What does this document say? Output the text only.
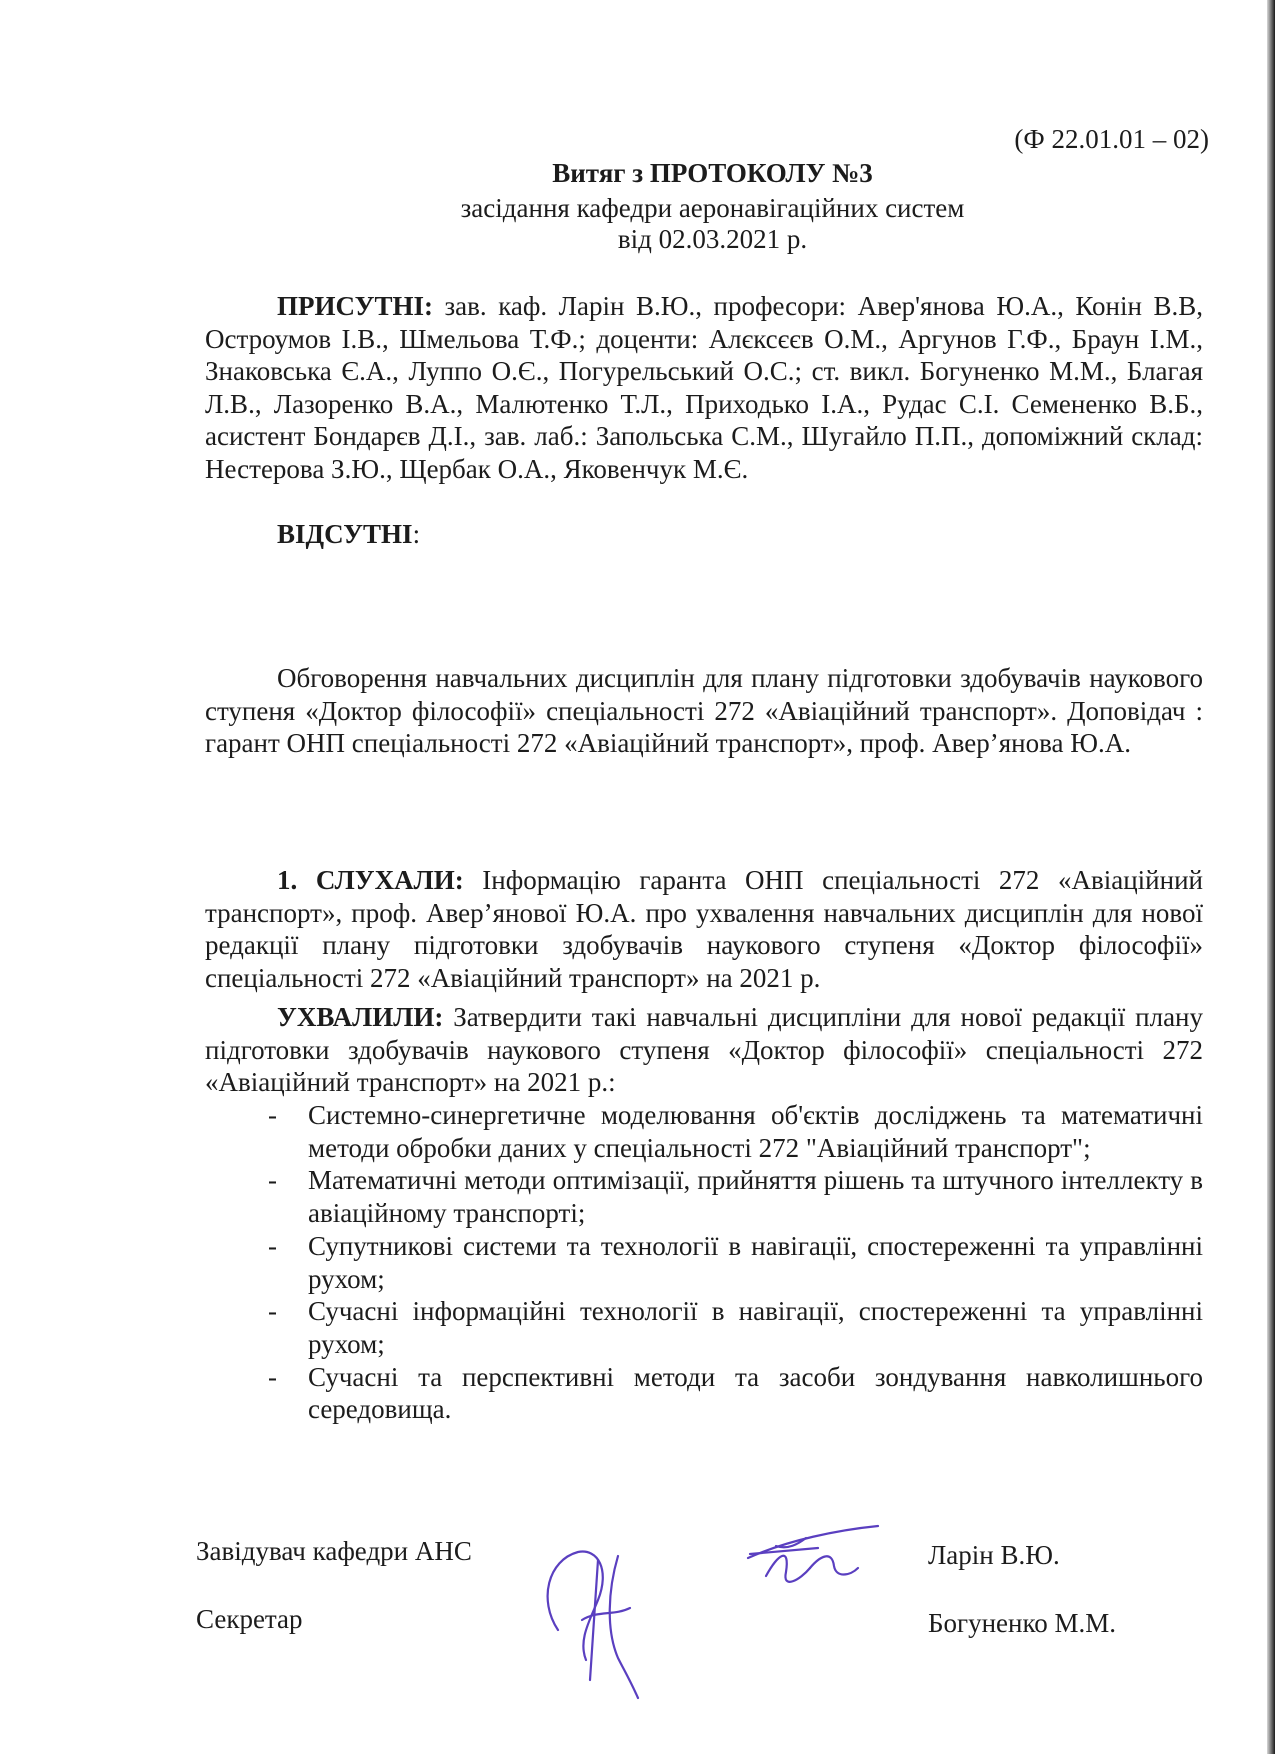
(Ф 22.01.01 – 02)
Витяг з ПРОТОКОЛУ №3
засідання кафедри аеронавігаційних систем
від 02.03.2021 р.
ПРИСУТНІ: зав. каф. Ларін В.Ю., професори: Авер'янова Ю.А., Конін В.В, Остроумов І.В., Шмельова Т.Ф.; доценти: Алєксєєв О.М., Аргунов Г.Ф., Браун І.М., Знаковська Є.А., Луппо О.Є., Погурельський О.С.; ст. викл. Богуненко М.М., Благая Л.В., Лазоренко В.А., Малютенко Т.Л., Приходько І.А., Рудас С.І. Семененко В.Б., асистент Бондарєв Д.І., зав. лаб.: Запольська С.М., Шугайло П.П., допоміжний склад: Нестерова З.Ю., Щербак О.А., Яковенчук М.Є.
ВІДСУТНІ:
Обговорення навчальних дисциплін для плану підготовки здобувачів наукового ступеня «Доктор філософії» спеціальності 272 «Авіаційний транспорт». Доповідач : гарант ОНП спеціальності 272 «Авіаційний транспорт», проф. Авер’янова Ю.А.
1. СЛУХАЛИ: Інформацію гаранта ОНП спеціальності 272 «Авіаційний транспорт», проф. Авер’янової Ю.А. про ухвалення навчальних дисциплін для нової редакції плану підготовки здобувачів наукового ступеня «Доктор філософії» спеціальності 272 «Авіаційний транспорт» на 2021 р.
УХВАЛИЛИ: Затвердити такі навчальні дисципліни для нової редакції плану підготовки здобувачів наукового ступеня «Доктор філософії» спеціальності 272 «Авіаційний транспорт» на 2021 р.:
- Системно-синергетичне моделювання об'єктів досліджень та математичні методи обробки даних у спеціальності 272 "Авіаційний транспорт";
- Математичні методи оптимізації, прийняття рішень та штучного інтеллекту в авіаційному транспорті;
- Супутникові системи та технології в навігації, спостереженні та управлінні рухом;
- Сучасні інформаційні технології в навігації, спостереженні та управлінні рухом;
- Сучасні та перспективні методи та засоби зондування навколишнього середовища.
Завідувач кафедри АНС	Ларін В.Ю.
Секретар	Богуненко М.М.
